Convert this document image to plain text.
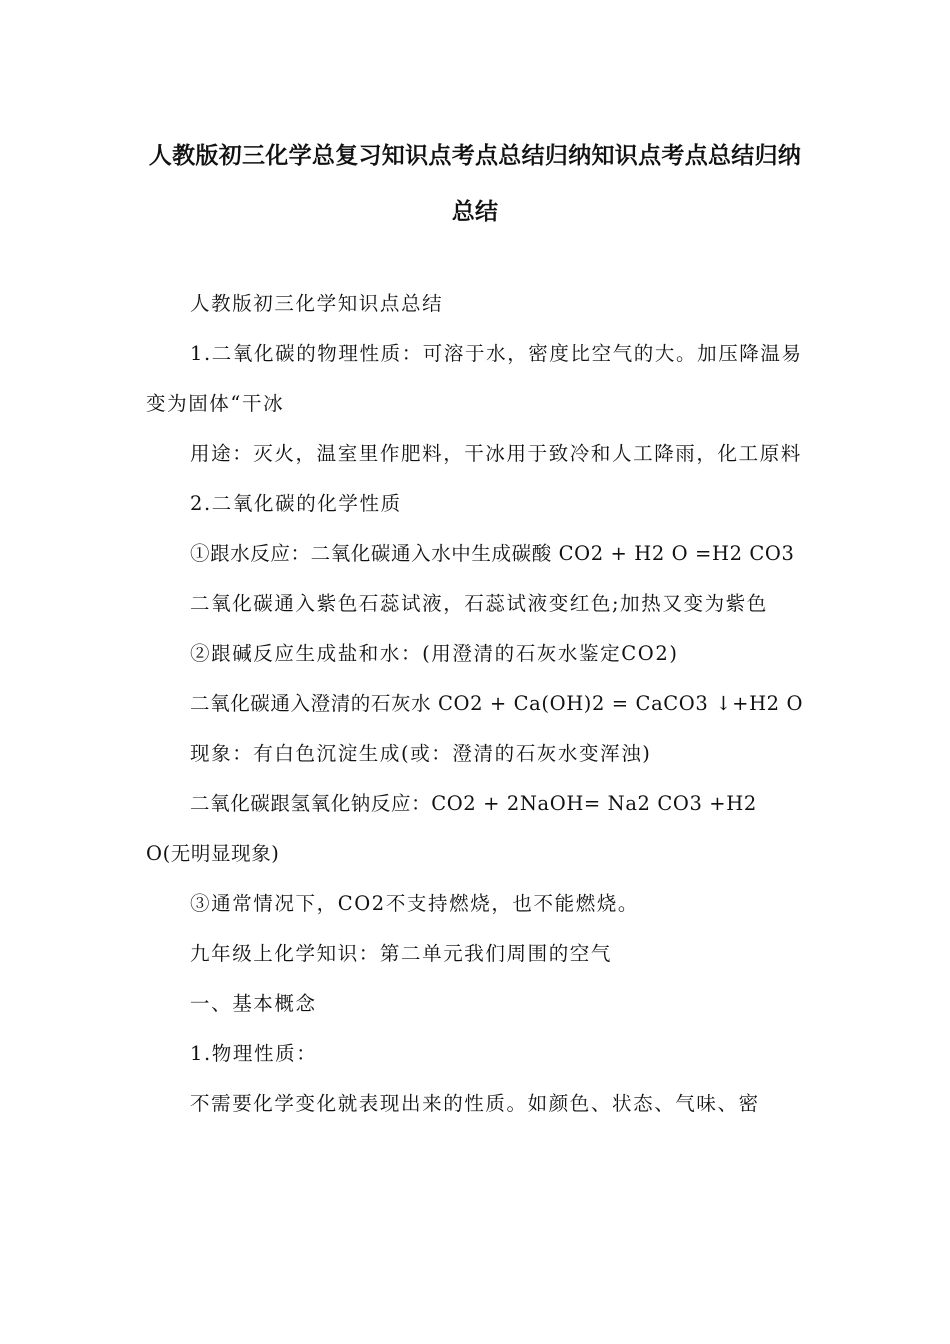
人教版初三化学总复习知识点考点总结归纳知识点考点总结归纳总结

人教版初三化学知识点总结

1.二氧化碳的物理性质：可溶于水，密度比空气的大。加压降温易变为固体“干冰

用途：灭火，温室里作肥料，干冰用于致冷和人工降雨，化工原料

2.二氧化碳的化学性质

①跟水反应：二氧化碳通入水中生成碳酸 CO2 + H2 O =H2 CO3

二氧化碳通入紫色石蕊试液，石蕊试液变红色;加热又变为紫色

②跟碱反应生成盐和水：(用澄清的石灰水鉴定CO2)

二氧化碳通入澄清的石灰水 CO2 + Ca(OH)2 = CaCO3 ↓+H2 O

现象：有白色沉淀生成(或：澄清的石灰水变浑浊)

二氧化碳跟氢氧化钠反应：CO2 + 2NaOH= Na2 CO3 +H2 O(无明显现象)

③通常情况下，CO2不支持燃烧，也不能燃烧。

九年级上化学知识：第二单元我们周围的空气

一、基本概念

1.物理性质：

不需要化学变化就表现出来的性质。如颜色、状态、气味、密
